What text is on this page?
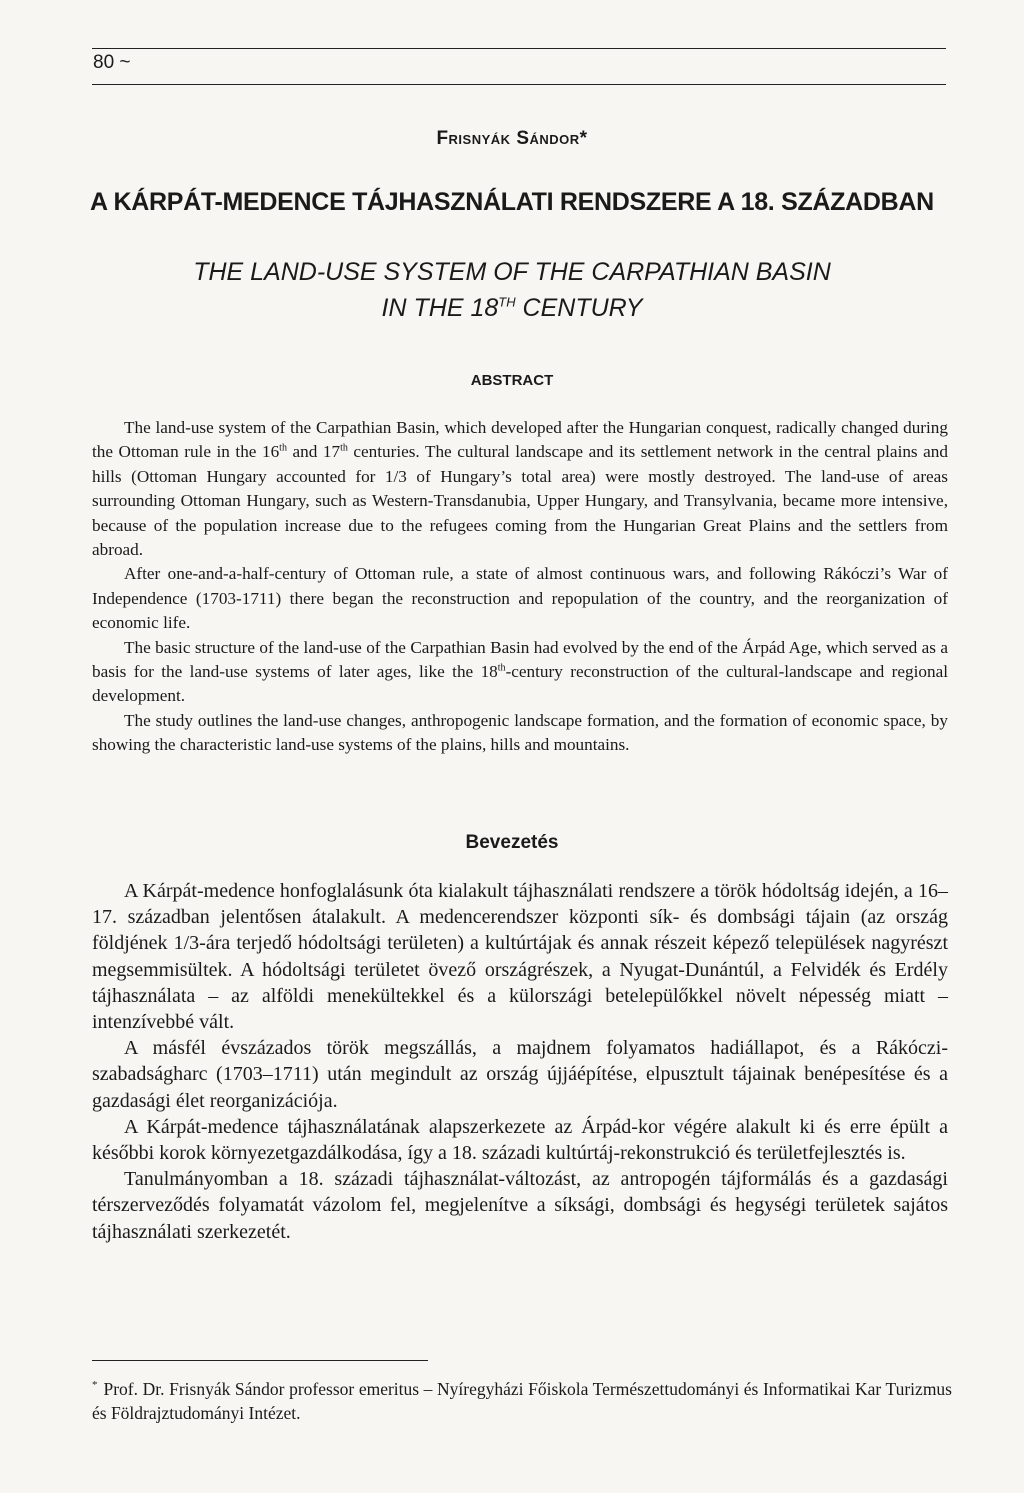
80 ~
Frisnyák Sándor*
A KÁRPÁT-MEDENCE TÁJHASZNÁLATI RENDSZERE A 18. SZÁZADBAN
THE LAND-USE SYSTEM OF THE CARPATHIAN BASIN
IN THE 18TH CENTURY
ABSTRACT

The land-use system of the Carpathian Basin, which developed after the Hungarian conquest, radically changed during the Ottoman rule in the 16th and 17th centuries. The cultural landscape and its settlement network in the central plains and hills (Ottoman Hungary accounted for 1/3 of Hungary’s total area) were mostly destroyed. The land-use of areas surrounding Ottoman Hungary, such as Western-Transdanubia, Upper Hungary, and Transylvania, became more intensive, because of the population increase due to the refugees coming from the Hungarian Great Plains and the settlers from abroad.

After one-and-a-half-century of Ottoman rule, a state of almost continuous wars, and following Rákóczi’s War of Independence (1703-1711) there began the reconstruction and repopulation of the country, and the reorganization of economic life.

The basic structure of the land-use of the Carpathian Basin had evolved by the end of the Árpád Age, which served as a basis for the land-use systems of later ages, like the 18th-century reconstruction of the cultural-landscape and regional development.

The study outlines the land-use changes, anthropogenic landscape formation, and the formation of economic space, by showing the characteristic land-use systems of the plains, hills and mountains.

Bevezetés

A Kárpát-medence honfoglalásunk óta kialakult tájhasználati rendszere a török hódoltság idején, a 16–17. században jelentősen átalakult. A medencerendszer központi sík- és dombsági tájain (az ország földjének 1/3-ára terjedő hódoltsági területen) a kultúrtájak és annak részeit képező települések nagyrészt megsemmisültek. A hódoltsági területet övező országrészek, a Nyugat-Dunántúl, a Felvidék és Erdély tájhasználata – az alföldi menekültekkel és a külországi betelepülőkkel növelt népesség miatt – intenzívebbé vált.

A másfél évszázados török megszállás, a majdnem folyamatos hadiállapot, és a Rákóczi-szabadságharc (1703–1711) után megindult az ország újjáépítése, elpusztult tájainak benépesítése és a gazdasági élet reorganizációja.

A Kárpát-medence tájhasználatának alapszerkezete az Árpád-kor végére alakult ki és erre épült a későbbi korok környezetgazdálkodása, így a 18. századi kultúrtáj-rekonstrukció és területfejlesztés is.

Tanulmányomban a 18. századi tájhasználat-változást, az antropogén tájformálás és a gazdasági térszerveződés folyamatát vázolom fel, megjelenítve a síksági, dombsági és hegységi területek sajátos tájhasználati szerkezetét.

* Prof. Dr. Frisnyák Sándor professor emeritus – Nyíregyházi Főiskola Természettudományi és Informatikai Kar Turizmus és Földrajztudományi Intézet.
